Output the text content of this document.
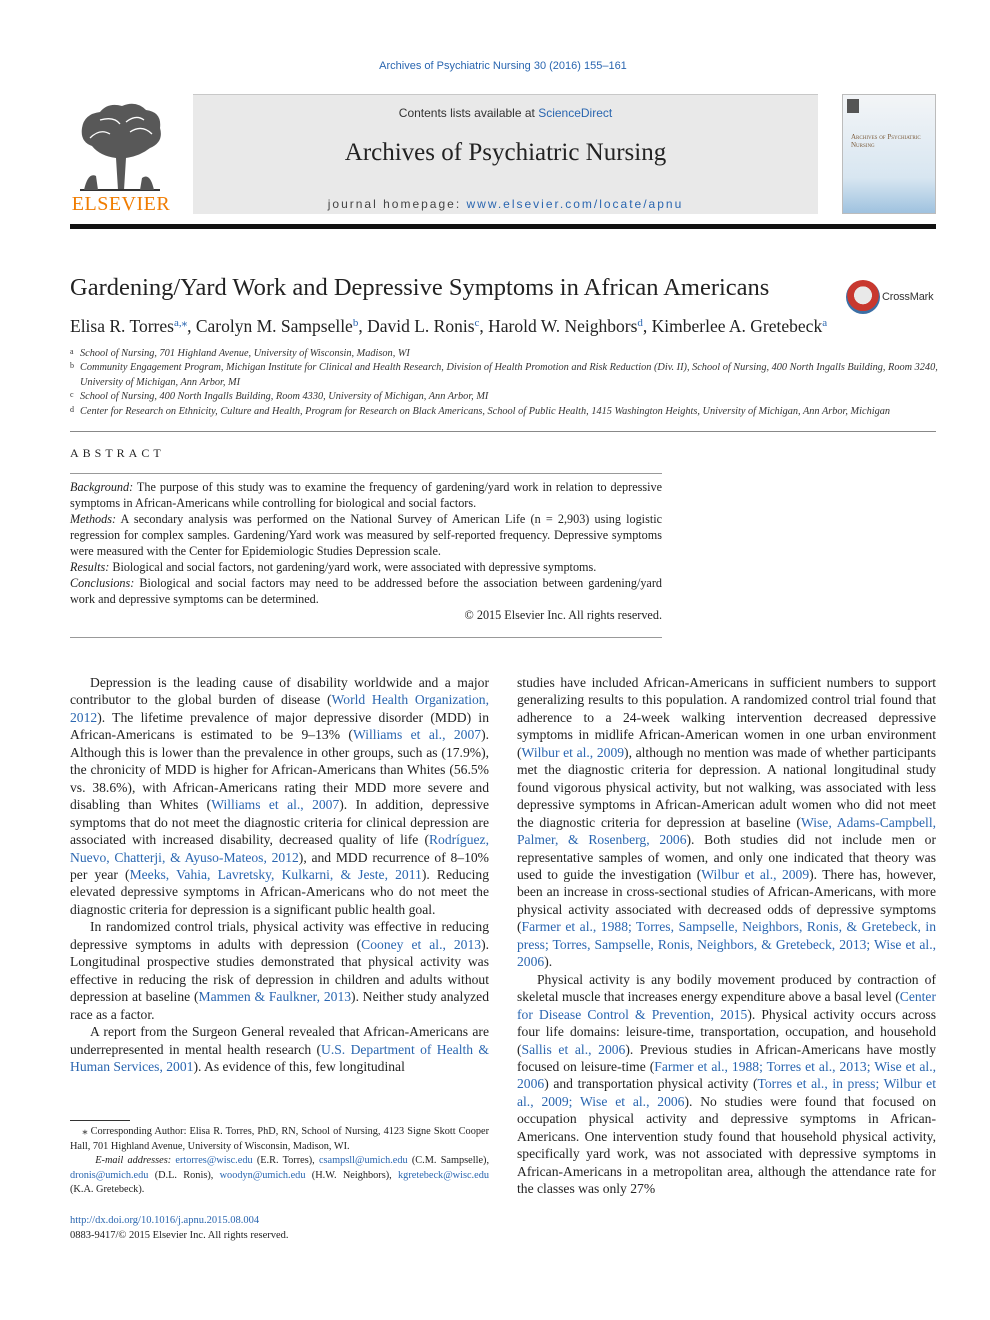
Archives of Psychiatric Nursing 30 (2016) 155–161
ELSEVIER
Contents lists available at ScienceDirect
Archives of Psychiatric Nursing
journal homepage: www.elsevier.com/locate/apnu
Archives of Psychiatric Nursing
Gardening/Yard Work and Depressive Symptoms in African Americans	CrossMark
Elisa R. Torres$^{a,⁎}$, Carolyn M. Sampselle$^b$, David L. Ronis$^c$, Harold W. Neighbors$^d$, Kimberlee A. Gretebeck$^a$
a School of Nursing, 701 Highland Avenue, University of Wisconsin, Madison, WI
b Community Engagement Program, Michigan Institute for Clinical and Health Research, Division of Health Promotion and Risk Reduction (Div. II), School of Nursing, 400 North Ingalls Building, Room 3240, University of Michigan, Ann Arbor, MI
c School of Nursing, 400 North Ingalls Building, Room 4330, University of Michigan, Ann Arbor, MI
d Center for Research on Ethnicity, Culture and Health, Program for Research on Black Americans, School of Public Health, 1415 Washington Heights, University of Michigan, Ann Arbor, Michigan
ABSTRACT

Background: The purpose of this study was to examine the frequency of gardening/yard work in relation to depressive symptoms in African-Americans while controlling for biological and social factors.

Methods: A secondary analysis was performed on the National Survey of American Life (n = 2,903) using logistic regression for complex samples. Gardening/Yard work was measured by self-reported frequency. Depressive symptoms were measured with the Center for Epidemiologic Studies Depression scale.

Results: Biological and social factors, not gardening/yard work, were associated with depressive symptoms.

Conclusions: Biological and social factors may need to be addressed before the association between gardening/yard work and depressive symptoms can be determined.

© 2015 Elsevier Inc. All rights reserved.

Depression is the leading cause of disability worldwide and a major contributor to the global burden of disease (World Health Organization, 2012). The lifetime prevalence of major depressive disorder (MDD) in African-Americans is estimated to be 9–13% (Williams et al., 2007). Although this is lower than the prevalence in other groups, such as (17.9%), the chronicity of MDD is higher for African-Americans than Whites (56.5% vs. 38.6%), with African-Americans rating their MDD more severe and disabling than Whites (Williams et al., 2007). In addition, depressive symptoms that do not meet the diagnostic criteria for clinical depression are associated with increased disability, decreased quality of life (Rodríguez, Nuevo, Chatterji, & Ayuso-Mateos, 2012), and MDD recurrence of 8–10% per year (Meeks, Vahia, Lavretsky, Kulkarni, & Jeste, 2011). Reducing elevated depressive symptoms in African-Americans who do not meet the diagnostic criteria for depression is a significant public health goal.

In randomized control trials, physical activity was effective in reducing depressive symptoms in adults with depression (Cooney et al., 2013). Longitudinal prospective studies demonstrated that physical activity was effective in reducing the risk of depression in children and adults without depression at baseline (Mammen & Faulkner, 2013). Neither study analyzed race as a factor.

A report from the Surgeon General revealed that African-Americans are underrepresented in mental health research (U.S. Department of Health & Human Services, 2001). As evidence of this, few longitudinal

studies have included African-Americans in sufficient numbers to support generalizing results to this population. A randomized control trial found that adherence to a 24-week walking intervention decreased depressive symptoms in midlife African-American women in one urban environment (Wilbur et al., 2009), although no mention was made of whether participants met the diagnostic criteria for depression. A national longitudinal study found vigorous physical activity, but not walking, was associated with less depressive symptoms in African-American adult women who did not meet the diagnostic criteria for depression at baseline (Wise, Adams-Campbell, Palmer, & Rosenberg, 2006). Both studies did not include men or representative samples of women, and only one indicated that theory was used to guide the investigation (Wilbur et al., 2009). There has, however, been an increase in cross-sectional studies of African-Americans, with more physical activity associated with decreased odds of depressive symptoms (Farmer et al., 1988; Torres, Sampselle, Neighbors, Ronis, & Gretebeck, in press; Torres, Sampselle, Ronis, Neighbors, & Gretebeck, 2013; Wise et al., 2006).

Physical activity is any bodily movement produced by contraction of skeletal muscle that increases energy expenditure above a basal level (Center for Disease Control & Prevention, 2015). Physical activity occurs across four life domains: leisure-time, transportation, occupation, and household (Sallis et al., 2006). Previous studies in African-Americans have mostly focused on leisure-time (Farmer et al., 1988; Torres et al., 2013; Wise et al., 2006) and transportation physical activity (Torres et al., in press; Wilbur et al., 2009; Wise et al., 2006). No studies were found that focused on occupation physical activity and depressive symptoms in African-Americans. One intervention study found that household physical activity, specifically yard work, was not associated with depressive symptoms in African-Americans in a metropolitan area, although the attendance rate for the classes was only 27%

⁎ Corresponding Author: Elisa R. Torres, PhD, RN, School of Nursing, 4123 Signe Skott Cooper Hall, 701 Highland Avenue, University of Wisconsin, Madison, WI.
E-mail addresses: ertorres@wisc.edu (E.R. Torres), csampsll@umich.edu (C.M. Sampselle), dronis@umich.edu (D.L. Ronis), woodyn@umich.edu (H.W. Neighbors), kgretebeck@wisc.edu (K.A. Gretebeck).
http://dx.doi.org/10.1016/j.apnu.2015.08.004
0883-9417/© 2015 Elsevier Inc. All rights reserved.
